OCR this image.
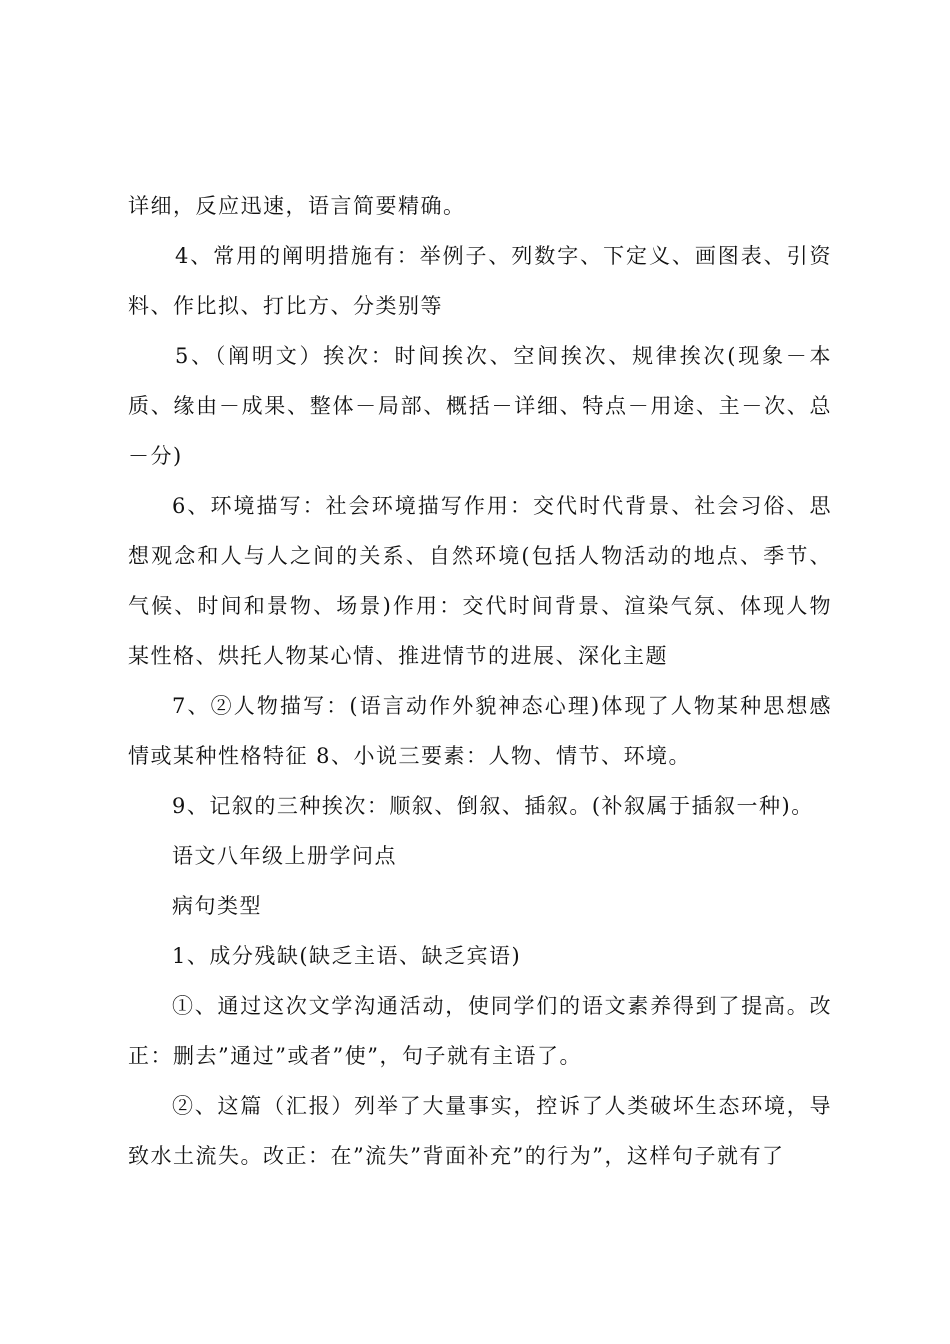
详细，反应迅速，语言简要精确。

4、常用的阐明措施有：举例子、列数字、下定义、画图表、引资料、作比拟、打比方、分类别等

5、（阐明文）挨次：时间挨次、空间挨次、规律挨次(现象－本质、缘由－成果、整体－局部、概括－详细、特点－用途、主－次、总－分)

6、环境描写：社会环境描写作用：交代时代背景、社会习俗、思想观念和人与人之间的关系、自然环境(包括人物活动的地点、季节、气候、时间和景物、场景)作用：交代时间背景、渲染气氛、体现人物某性格、烘托人物某心情、推进情节的进展、深化主题

7、②人物描写：(语言动作外貌神态心理)体现了人物某种思想感情或某种性格特征 8、小说三要素：人物、情节、环境。

9、记叙的三种挨次：顺叙、倒叙、插叙。(补叙属于插叙一种)。

语文八年级上册学问点

病句类型

1、成分残缺(缺乏主语、缺乏宾语)

①、通过这次文学沟通活动，使同学们的语文素养得到了提高。改正：删去”通过”或者”使”，句子就有主语了。

②、这篇（汇报）列举了大量事实，控诉了人类破坏生态环境，导致水土流失。改正：在”流失”背面补充”的行为”，这样句子就有了
